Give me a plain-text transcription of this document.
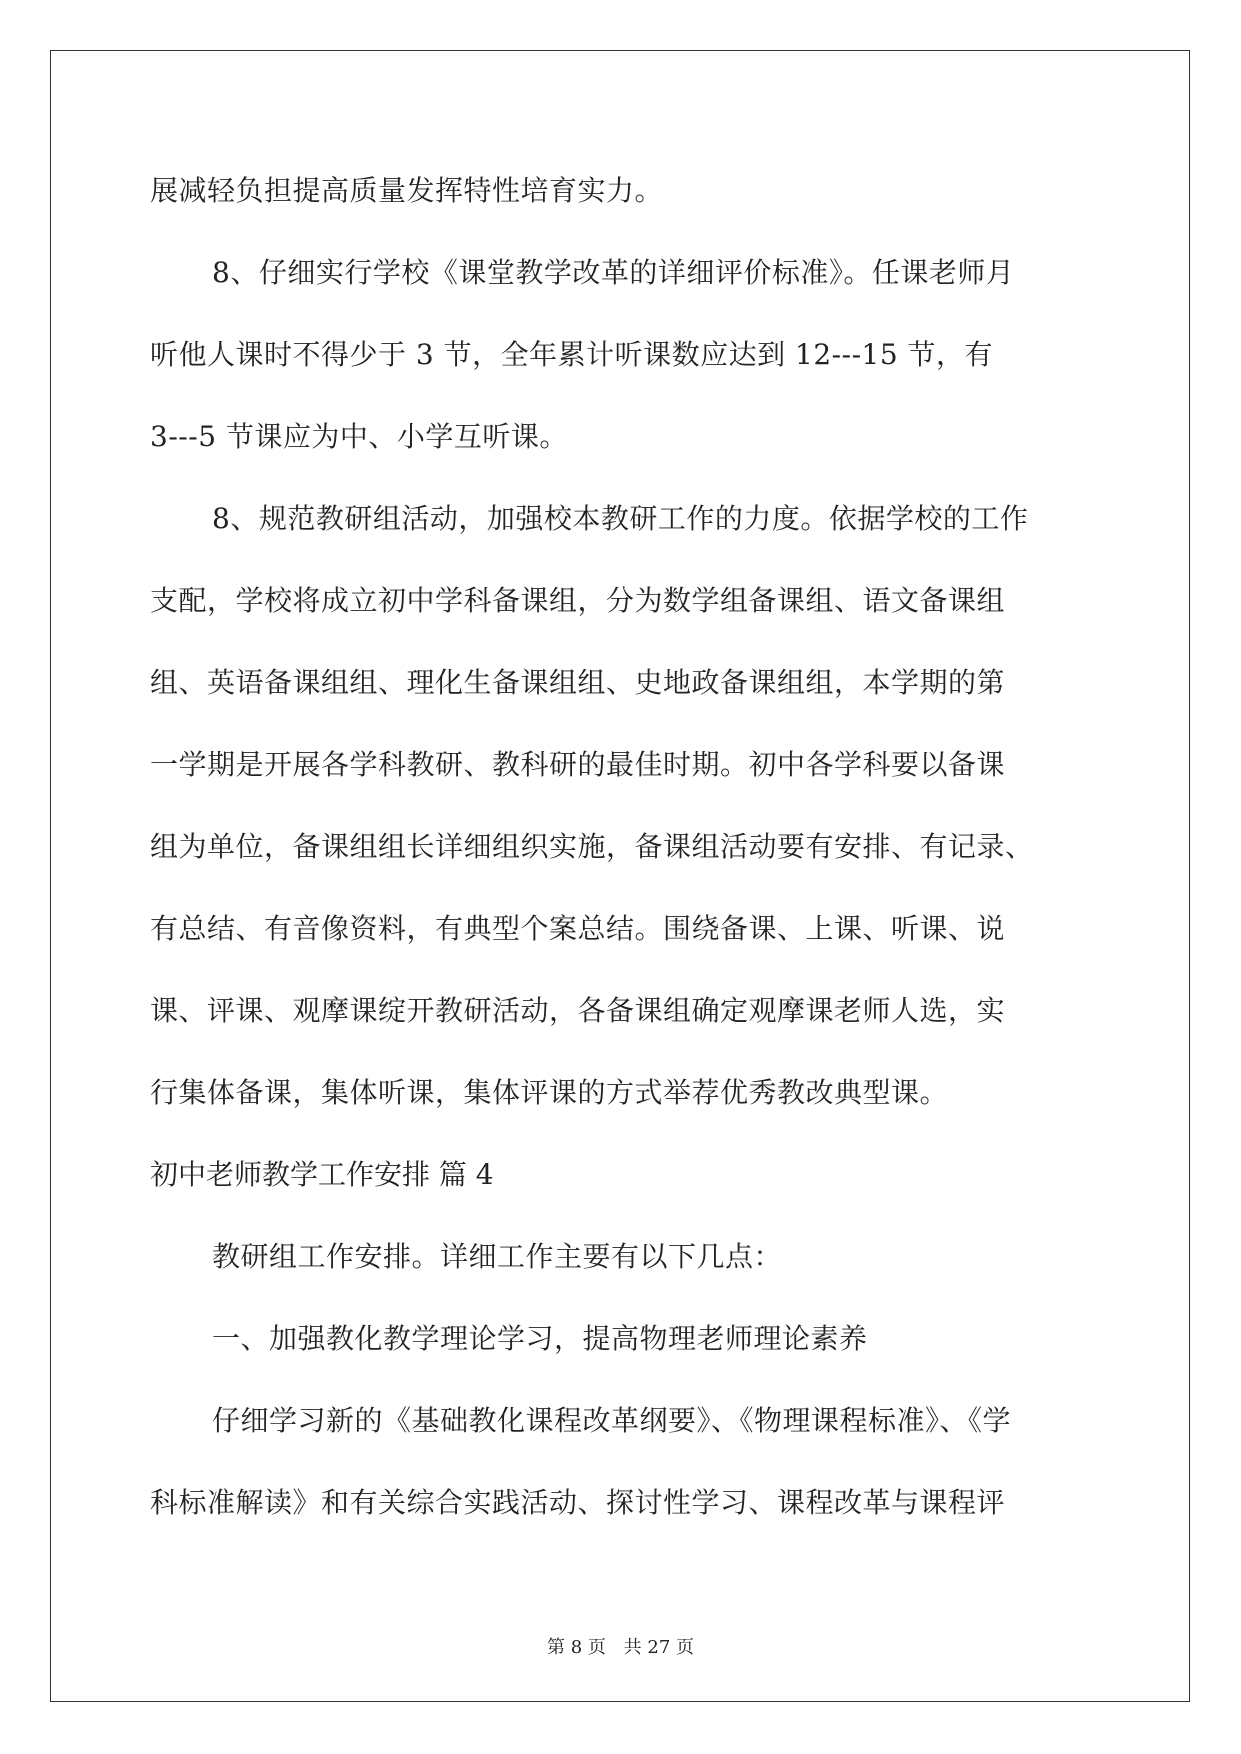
展减轻负担提高质量发挥特性培育实力。
8、仔细实行学校《课堂教学改革的详细评价标准》。任课老师月
听他人课时不得少于 3 节，全年累计听课数应达到 12---15 节，有
3---5 节课应为中、小学互听课。
8、规范教研组活动，加强校本教研工作的力度。依据学校的工作
支配，学校将成立初中学科备课组，分为数学组备课组、语文备课组
组、英语备课组组、理化生备课组组、史地政备课组组，本学期的第
一学期是开展各学科教研、教科研的最佳时期。初中各学科要以备课
组为单位，备课组组长详细组织实施，备课组活动要有安排、有记录、
有总结、有音像资料，有典型个案总结。围绕备课、上课、听课、说
课、评课、观摩课绽开教研活动，各备课组确定观摩课老师人选，实
行集体备课，集体听课，集体评课的方式举荐优秀教改典型课。
初中老师教学工作安排 篇 4
教研组工作安排。详细工作主要有以下几点：
一、加强教化教学理论学习，提高物理老师理论素养
仔细学习新的《基础教化课程改革纲要》、《物理课程标准》、《学
科标准解读》和有关综合实践活动、探讨性学习、课程改革与课程评
第 8 页 共 27 页
